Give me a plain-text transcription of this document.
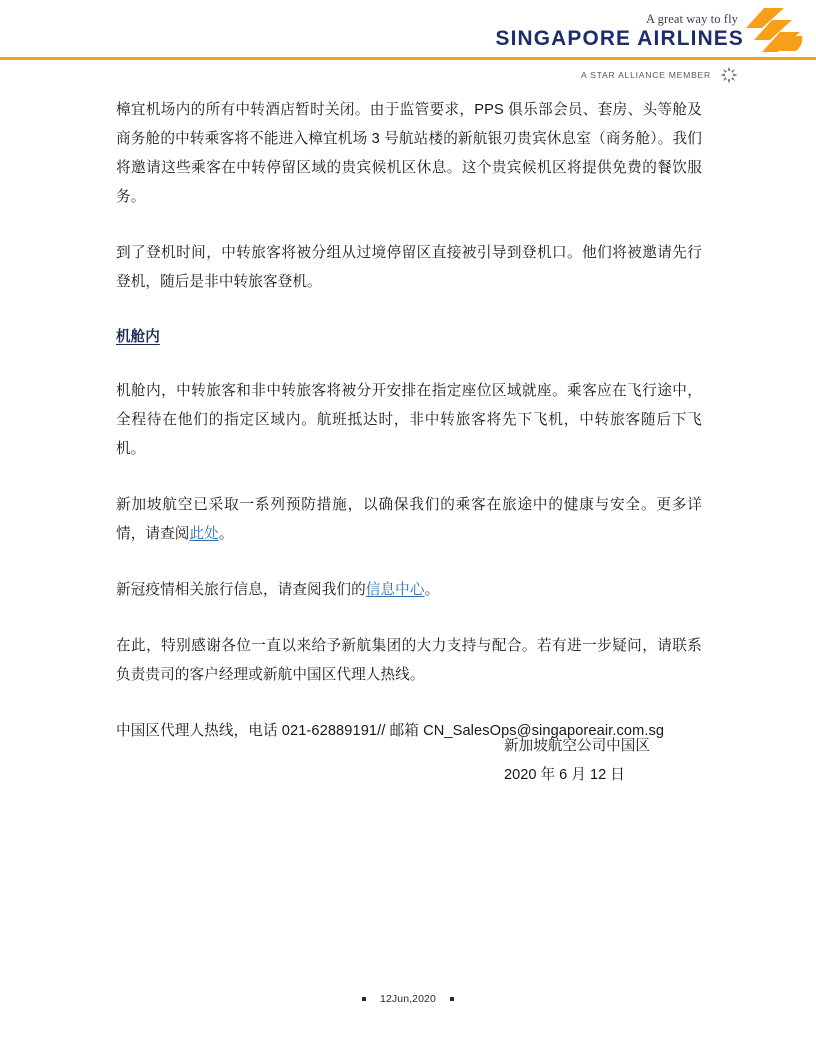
A great way to fly
SINGAPORE AIRLINES
A STAR ALLIANCE MEMBER

樟宜机场内的所有中转酒店暂时关闭。由于监管要求，PPS 俱乐部会员、套房、头等舱及商务舱的中转乘客将不能进入樟宜机场 3 号航站楼的新航银刃贵宾休息室（商务舱）。我们将邀请这些乘客在中转停留区域的贵宾候机区休息。这个贵宾候机区将提供免费的餐饮服务。

到了登机时间，中转旅客将被分组从过境停留区直接被引导到登机口。他们将被邀请先行登机，随后是非中转旅客登机。

机舱内

机舱内，中转旅客和非中转旅客将被分开安排在指定座位区域就座。乘客应在飞行途中，全程待在他们的指定区域内。航班抵达时，非中转旅客将先下飞机，中转旅客随后下飞机。

新加坡航空已采取一系列预防措施，以确保我们的乘客在旅途中的健康与安全。更多详情，请查阅此处。

新冠疫情相关旅行信息，请查阅我们的信息中心。

在此，特别感谢各位一直以来给予新航集团的大力支持与配合。若有进一步疑问，请联系负责贵司的客户经理或新航中国区代理人热线。

中国区代理人热线，电话 021-62889191// 邮箱 CN_SalesOps@singaporeair.com.sg

新加坡航空公司中国区
2020 年 6 月 12 日
12Jun,2020
